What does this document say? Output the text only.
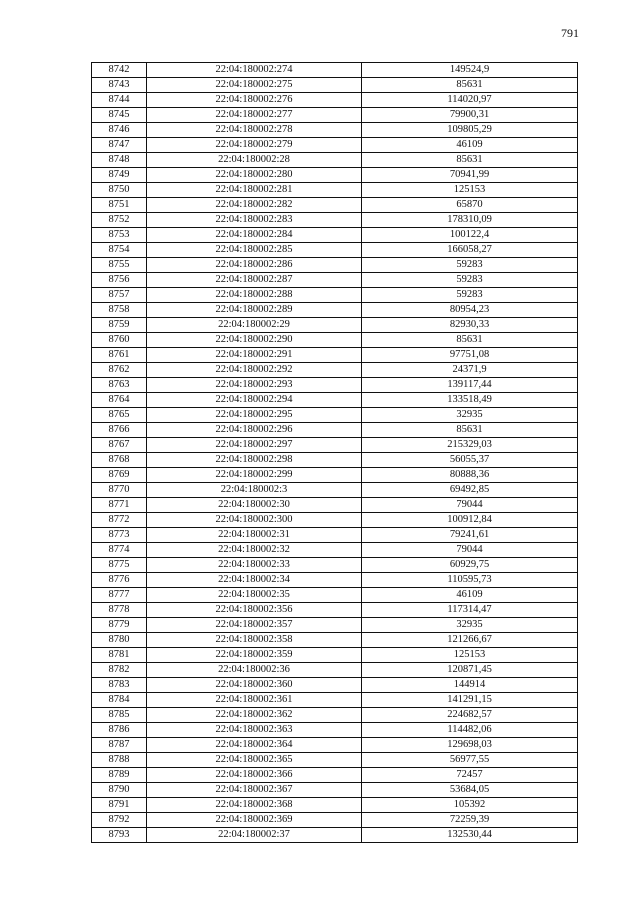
791
8742	22:04:180002:274	149524,9
8743	22:04:180002:275	85631
8744	22:04:180002:276	114020,97
8745	22:04:180002:277	79900,31
8746	22:04:180002:278	109805,29
8747	22:04:180002:279	46109
8748	22:04:180002:28	85631
8749	22:04:180002:280	70941,99
8750	22:04:180002:281	125153
8751	22:04:180002:282	65870
8752	22:04:180002:283	178310,09
8753	22:04:180002:284	100122,4
8754	22:04:180002:285	166058,27
8755	22:04:180002:286	59283
8756	22:04:180002:287	59283
8757	22:04:180002:288	59283
8758	22:04:180002:289	80954,23
8759	22:04:180002:29	82930,33
8760	22:04:180002:290	85631
8761	22:04:180002:291	97751,08
8762	22:04:180002:292	24371,9
8763	22:04:180002:293	139117,44
8764	22:04:180002:294	133518,49
8765	22:04:180002:295	32935
8766	22:04:180002:296	85631
8767	22:04:180002:297	215329,03
8768	22:04:180002:298	56055,37
8769	22:04:180002:299	80888,36
8770	22:04:180002:3	69492,85
8771	22:04:180002:30	79044
8772	22:04:180002:300	100912,84
8773	22:04:180002:31	79241,61
8774	22:04:180002:32	79044
8775	22:04:180002:33	60929,75
8776	22:04:180002:34	110595,73
8777	22:04:180002:35	46109
8778	22:04:180002:356	117314,47
8779	22:04:180002:357	32935
8780	22:04:180002:358	121266,67
8781	22:04:180002:359	125153
8782	22:04:180002:36	120871,45
8783	22:04:180002:360	144914
8784	22:04:180002:361	141291,15
8785	22:04:180002:362	224682,57
8786	22:04:180002:363	114482,06
8787	22:04:180002:364	129698,03
8788	22:04:180002:365	56977,55
8789	22:04:180002:366	72457
8790	22:04:180002:367	53684,05
8791	22:04:180002:368	105392
8792	22:04:180002:369	72259,39
8793	22:04:180002:37	132530,44
